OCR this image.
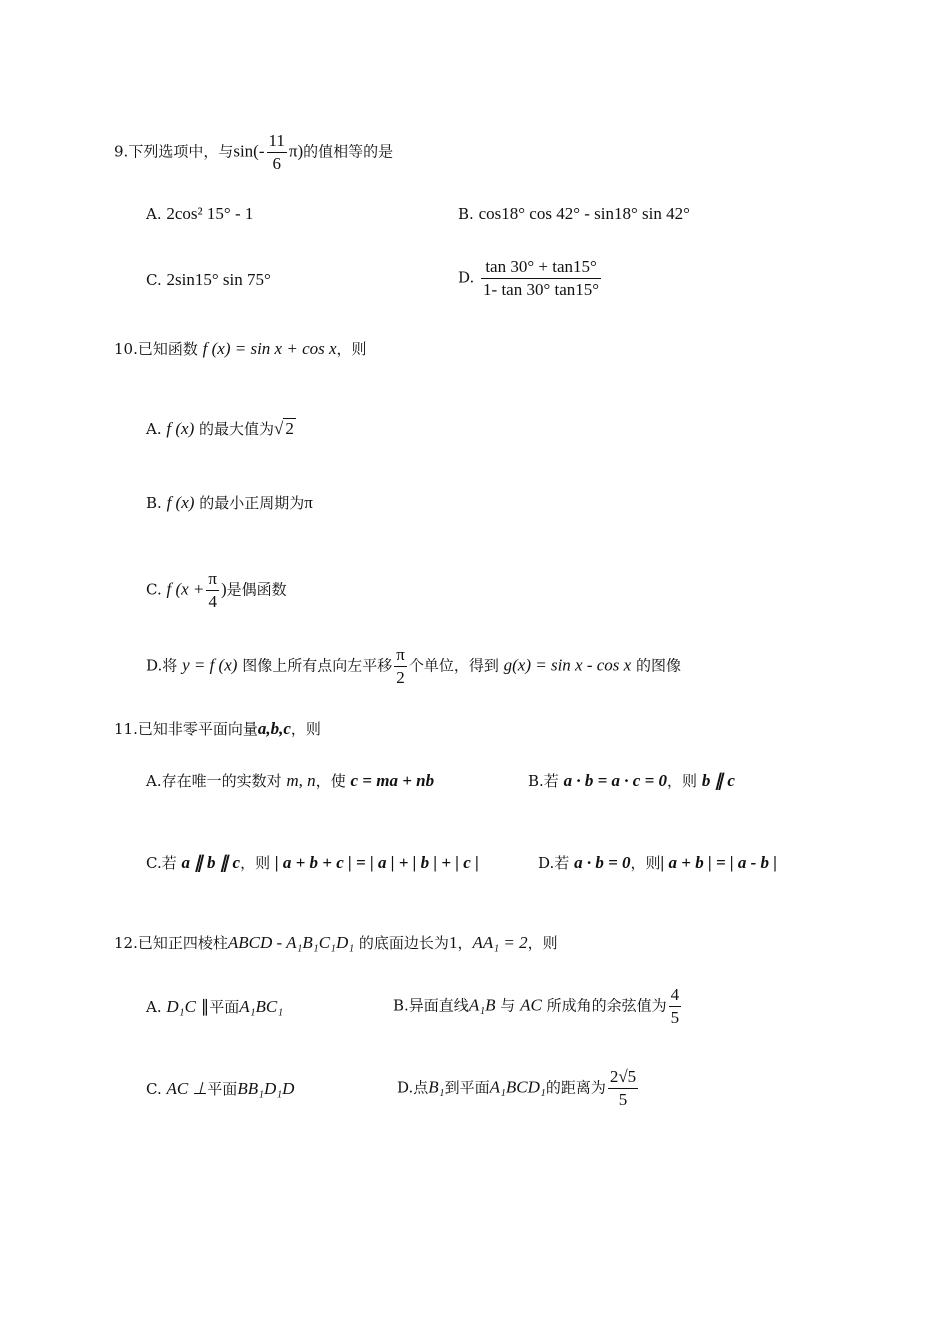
9.下列选项中，与$\sin(- \frac{11}{6} \pi)$的值相等的是
A. 2cos² 15° - 1	B. cos18° cos 42° - sin18° sin 42°
C. 2sin15° sin 75°	D. $\frac{\tan 30^\circ + \tan 15^\circ}{1- \tan 30^\circ \tan 15^\circ}$
10.已知函数 f (x) = sin x + cos x，则
A. f (x) 的最大值为√ 2
B. f (x) 的最小正周期为π
C. f ($x + \frac{\pi}{4}$ )是偶函数
D.将 y = f (x) 图像上所有点向左平移 $\frac{\pi}{2}$ 个单位，得到 g(x) = sin x - cos x 的图像
11.已知非零平面向量a,b,c，则
A.存在唯一的实数对 m, n，使 c = ma + nb	B.若 a · b = a · c = 0，则 b ∥ c
C.若 a ∥ b ∥ c，则 | a + b + c | = | a | + | b | + | c |	D.若 a · b = 0，则| a + b | = | a - b |
12.已知正四棱柱ABCD - A₁B₁C₁D₁ 的底面边长为1，AA₁ = 2，则
A. D₁C ∥平面A₁BC₁	B.异面直线A₁B 与 AC 所成角的余弦值为 $\frac{4}{5}$
C. AC ⊥平面BB₁D₁D	D.点B₁到平面A₁BCD₁的距离为 $\frac{2√5}{5}$
